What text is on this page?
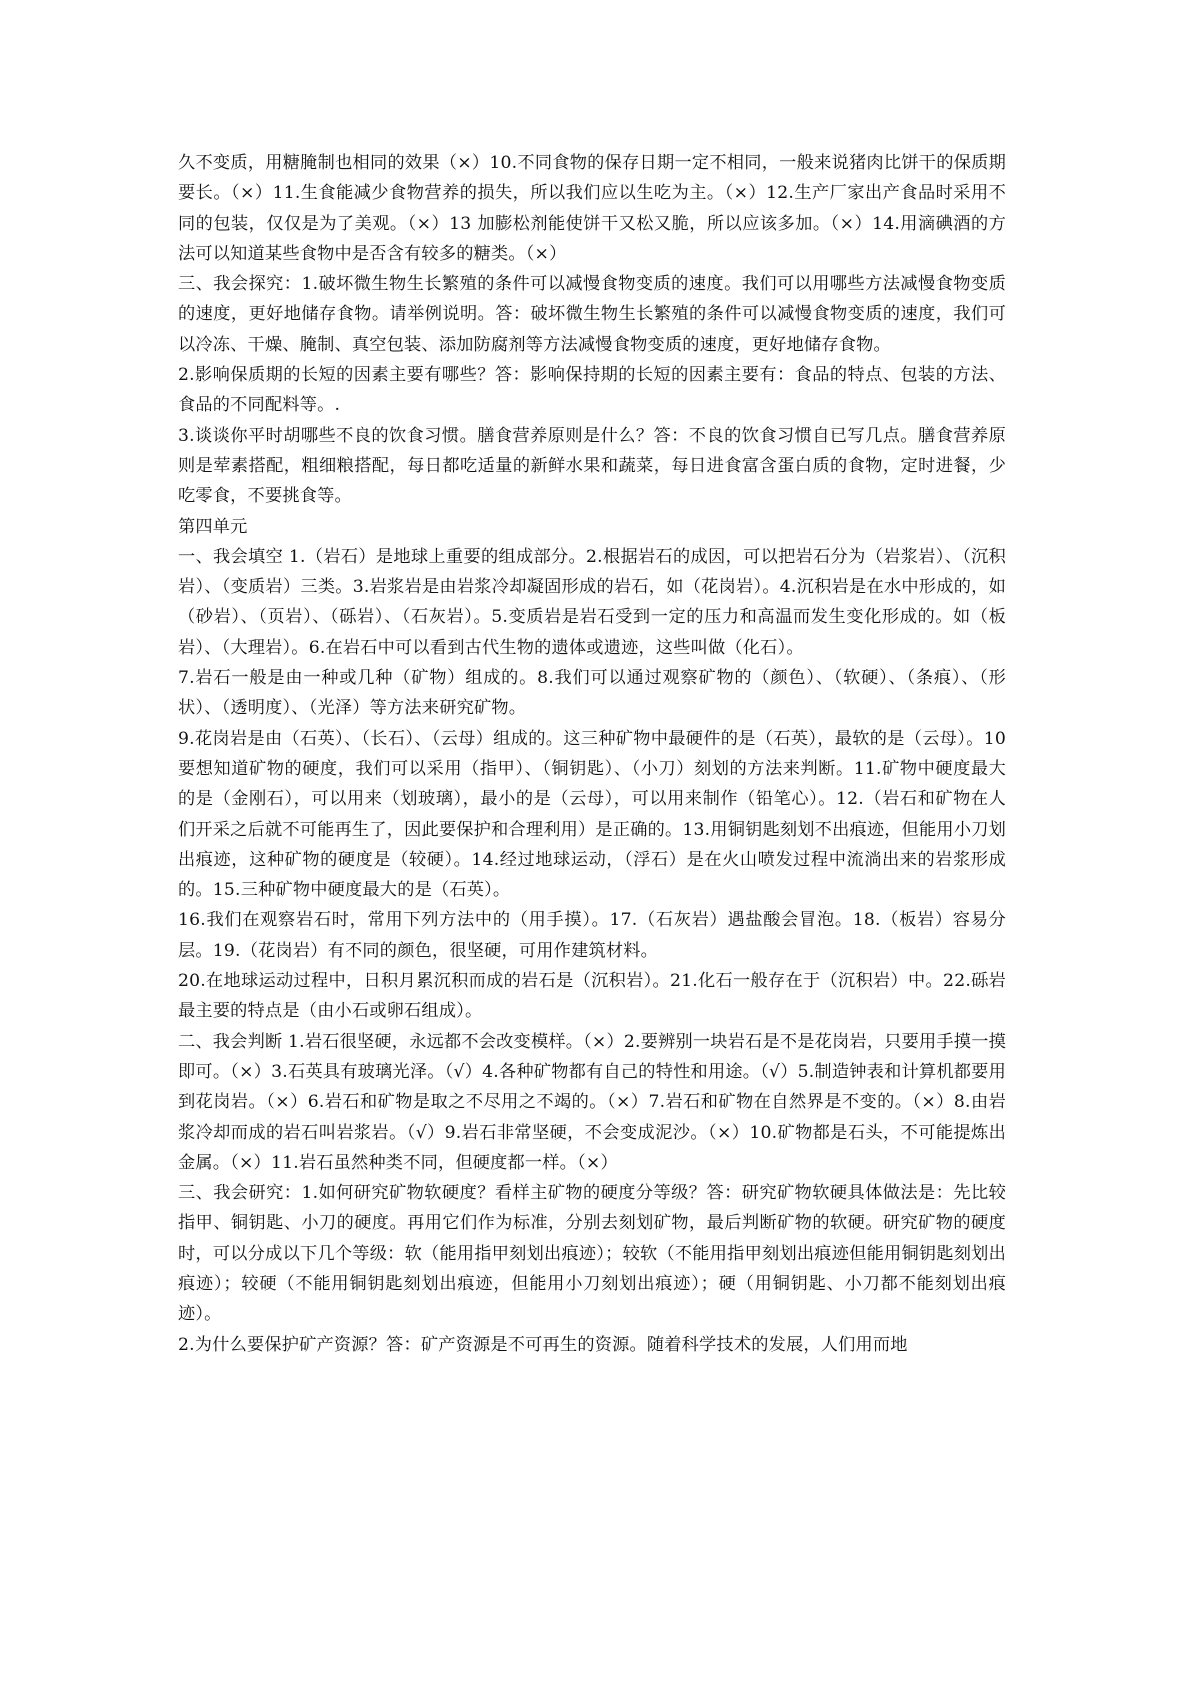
久不变质，用糖腌制也相同的效果（×）10.不同食物的保存日期一定不相同，一般来说猪肉比饼干的保质期要长。（×）11.生食能减少食物营养的损失，所以我们应以生吃为主。（×）12.生产厂家出产食品时采用不同的包装，仅仅是为了美观。（×）13 加膨松剂能使饼干又松又脆，所以应该多加。（×）14.用滴碘酒的方法可以知道某些食物中是否含有较多的糖类。（×）

三、我会探究：1.破坏微生物生长繁殖的条件可以减慢食物变质的速度。我们可以用哪些方法减慢食物变质的速度，更好地储存食物。请举例说明。答：破坏微生物生长繁殖的条件可以减慢食物变质的速度，我们可以冷冻、干燥、腌制、真空包装、添加防腐剂等方法减慢食物变质的速度，更好地储存食物。

2.影响保质期的长短的因素主要有哪些？答：影响保持期的长短的因素主要有：食品的特点、包装的方法、食品的不同配料等。.

3.谈谈你平时胡哪些不良的饮食习惯。膳食营养原则是什么？答：不良的饮食习惯自已写几点。膳食营养原则是荤素搭配，粗细粮搭配，每日都吃适量的新鲜水果和蔬菜，每日进食富含蛋白质的食物，定时进餐，少吃零食，不要挑食等。

第四单元

一、我会填空 1.（岩石）是地球上重要的组成部分。2.根据岩石的成因，可以把岩石分为（岩浆岩）、（沉积岩）、（变质岩）三类。3.岩浆岩是由岩浆冷却凝固形成的岩石，如（花岗岩）。4.沉积岩是在水中形成的，如（砂岩）、（页岩）、（砾岩）、（石灰岩）。5.变质岩是岩石受到一定的压力和高温而发生变化形成的。如（板岩）、（大理岩）。6.在岩石中可以看到古代生物的遗体或遗迹，这些叫做（化石）。

7.岩石一般是由一种或几种（矿物）组成的。8.我们可以通过观察矿物的（颜色）、（软硬）、（条痕）、（形状）、（透明度）、（光泽）等方法来研究矿物。

9.花岗岩是由（石英）、（长石）、（云母）组成的。这三种矿物中最硬件的是（石英），最软的是（云母）。10 要想知道矿物的硬度，我们可以采用（指甲）、（铜钥匙）、（小刀）刻划的方法来判断。11.矿物中硬度最大的是（金刚石），可以用来（划玻璃），最小的是（云母），可以用来制作（铅笔心）。12.（岩石和矿物在人们开采之后就不可能再生了，因此要保护和合理利用）是正确的。13.用铜钥匙刻划不出痕迹，但能用小刀划出痕迹，这种矿物的硬度是（较硬）。14.经过地球运动，（浮石）是在火山喷发过程中流淌出来的岩浆形成的。15.三种矿物中硬度最大的是（石英）。

16.我们在观察岩石时，常用下列方法中的（用手摸）。17.（石灰岩）遇盐酸会冒泡。18.（板岩）容易分层。19.（花岗岩）有不同的颜色，很坚硬，可用作建筑材料。

20.在地球运动过程中，日积月累沉积而成的岩石是（沉积岩）。21.化石一般存在于（沉积岩）中。22.砾岩最主要的特点是（由小石或卵石组成）。

二、我会判断 1.岩石很坚硬，永远都不会改变模样。（×）2.要辨别一块岩石是不是花岗岩，只要用手摸一摸即可。（×）3.石英具有玻璃光泽。（√）4.各种矿物都有自己的特性和用途。（√）5.制造钟表和计算机都要用到花岗岩。（×）6.岩石和矿物是取之不尽用之不竭的。（×）7.岩石和矿物在自然界是不变的。（×）8.由岩浆冷却而成的岩石叫岩浆岩。（√）9.岩石非常坚硬，不会变成泥沙。（×）10.矿物都是石头，不可能提炼出金属。（×）11.岩石虽然种类不同，但硬度都一样。（×）

三、我会研究：1.如何研究矿物软硬度？看样主矿物的硬度分等级？答：研究矿物软硬具体做法是：先比较指甲、铜钥匙、小刀的硬度。再用它们作为标准，分别去刻划矿物，最后判断矿物的软硬。研究矿物的硬度时，可以分成以下几个等级：软（能用指甲刻划出痕迹）；较软（不能用指甲刻划出痕迹但能用铜钥匙刻划出痕迹）；较硬（不能用铜钥匙刻划出痕迹，但能用小刀刻划出痕迹）；硬（用铜钥匙、小刀都不能刻划出痕迹）。

2.为什么要保护矿产资源？答：矿产资源是不可再生的资源。随着科学技术的发展，人们用而地
